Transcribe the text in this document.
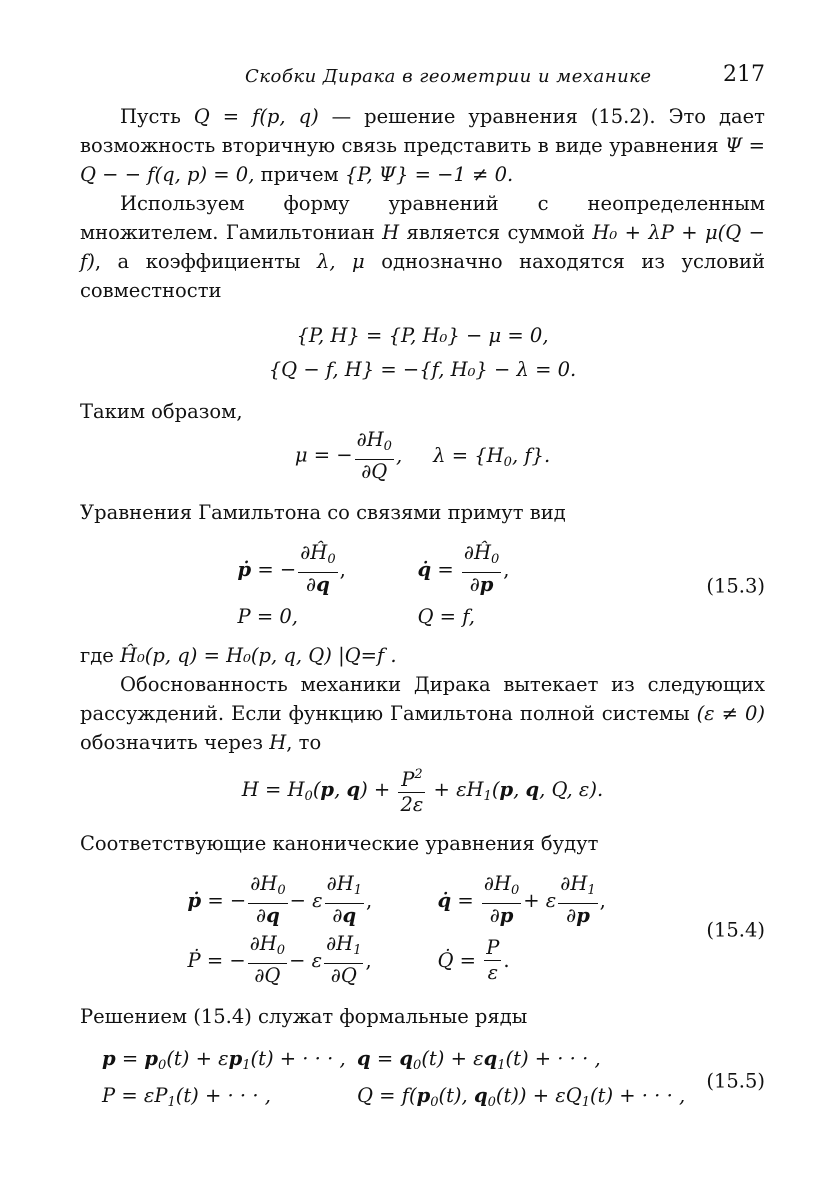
Скобки Дирака в геометрии и механике	217

Пусть Q = f(p, q) — решение уравнения (15.2). Это дает возможность вторичную связь представить в виде уравнения Ψ = Q − − f(q, p) = 0, причем {P, Ψ} = −1 ≠ 0.

Используем форму уравнений с неопределенным множителем. Гамильтониан H является суммой H₀ + λP + μ(Q − f), а коэффициенты λ, μ однозначно находятся из условий совместности

{P, H} = {P, H₀} − μ = 0,
{Q − f, H} = −{f, H₀} − λ = 0.

Таким образом,

μ = − $\frac{\partial H_0}{\partial Q}$ ,     $\lambda = \{H_0$, f}.

Уравнения Гамильтона со связями примут вид

ṗ = − $\frac{\partial Ĥ_0}{\partial q}$ ,	q̇ = $\frac{\partial Ĥ_0}{\partial p}$ ,
P = 0,	Q = f,
(15.3)

где Ĥ₀(p, q) = H₀(p, q, Q) |Q=f .

Обоснованность механики Дирака вытекает из следующих рассуждений. Если функцию Гамильтона полной системы (ε ≠ 0) обозначить через H, то

$H = H_0(p$, $q) + \frac{P^2}{2\varepsilon} + \varepsilon H_1(p$, q, Q, ε).

Соответствующие канонические уравнения будут

ṗ = − $\frac{\partial H_0}{\partial q} - \varepsilon \frac{\partial H_1}{\partial q}$ ,	q̇ = $\frac{\partial H_0}{\partial p} + \varepsilon \frac{\partial H_1}{\partial p}$ ,
Ṗ = − $\frac{\partial H_0}{\partial Q} - \varepsilon \frac{\partial H_1}{\partial Q}$ ,	Q̇ = $\frac{P}{\varepsilon}$ .
(15.4)

Решением (15.4) служат формальные ряды

$p = p_0(t) + \varepsilon p_1(t)$ + · · · , $q = q_0(t) + \varepsilon q_1(t)$ + · · · ,
$P = \varepsilon P_1(t)$ + · · · ,	$Q = f(p_0(t)$, $q_0(t)) + \varepsilon Q_1(t)$ + · · · ,
(15.5)
